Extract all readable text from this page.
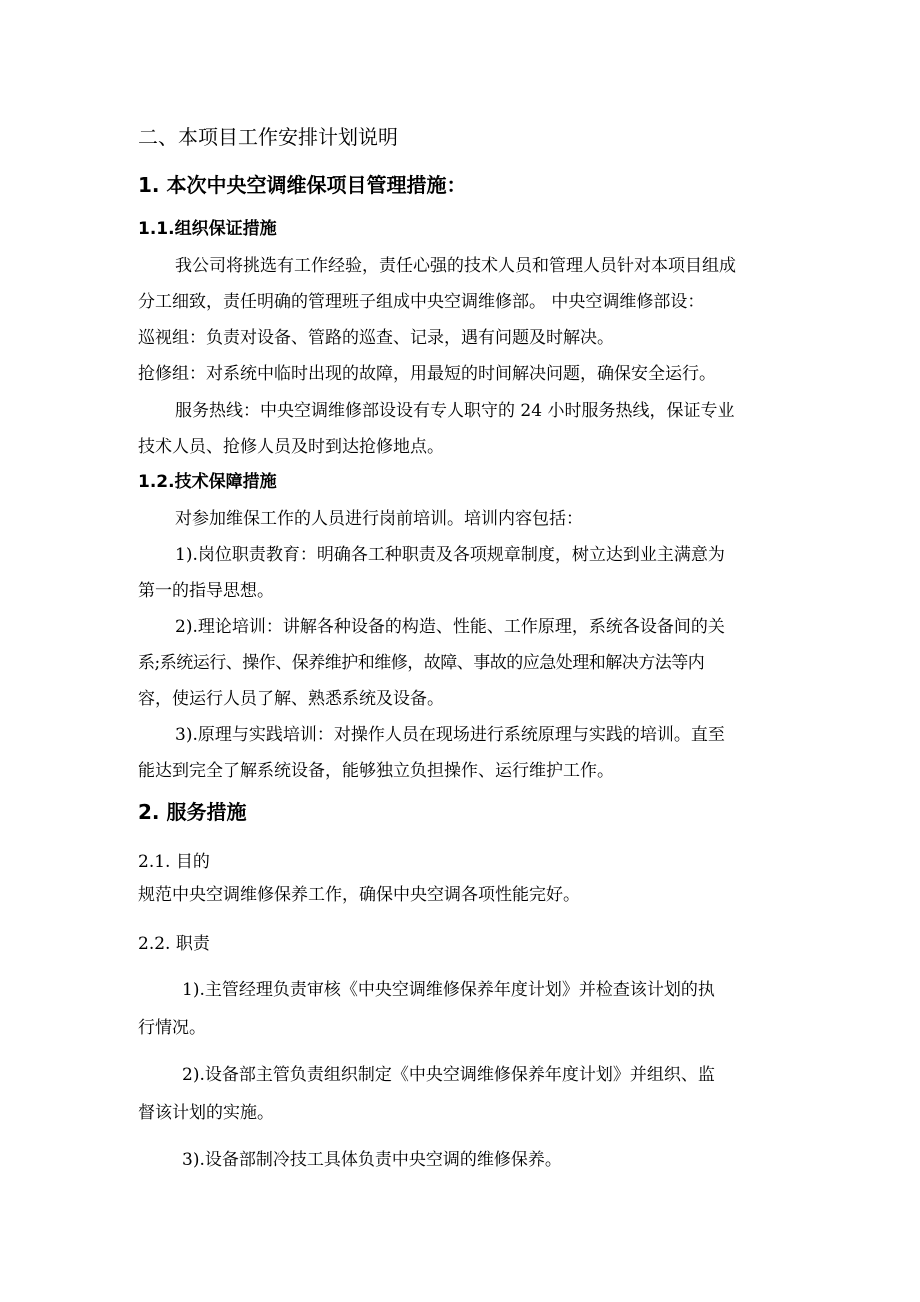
二、本项目工作安排计划说明
1. 本次中央空调维保项目管理措施：
1.1.组织保证措施
我公司将挑选有工作经验，责任心强的技术人员和管理人员针对本项目组成
分工细致，责任明确的管理班子组成中央空调维修部。 中央空调维修部设：
巡视组：负责对设备、管路的巡查、记录，遇有问题及时解决。
抢修组：对系统中临时出现的故障，用最短的时间解决问题，确保安全运行。
服务热线：中央空调维修部设设有专人职守的 24 小时服务热线，保证专业
技术人员、抢修人员及时到达抢修地点。
1.2.技术保障措施
对参加维保工作的人员进行岗前培训。培训内容包括：
1).岗位职责教育：明确各工种职责及各项规章制度，树立达到业主满意为
第一的指导思想。
2).理论培训：讲解各种设备的构造、性能、工作原理，系统各设备间的关
系;系统运行、操作、保养维护和维修，故障、事故的应急处理和解决方法等内
容，使运行人员了解、熟悉系统及设备。
3).原理与实践培训：对操作人员在现场进行系统原理与实践的培训。直至
能达到完全了解系统设备，能够独立负担操作、运行维护工作。
2. 服务措施
2.1. 目的
规范中央空调维修保养工作，确保中央空调各项性能完好。
2.2. 职责
1).主管经理负责审核《中央空调维修保养年度计划》并检查该计划的执
行情况。
2).设备部主管负责组织制定《中央空调维修保养年度计划》并组织、监
督该计划的实施。
3).设备部制冷技工具体负责中央空调的维修保养。
